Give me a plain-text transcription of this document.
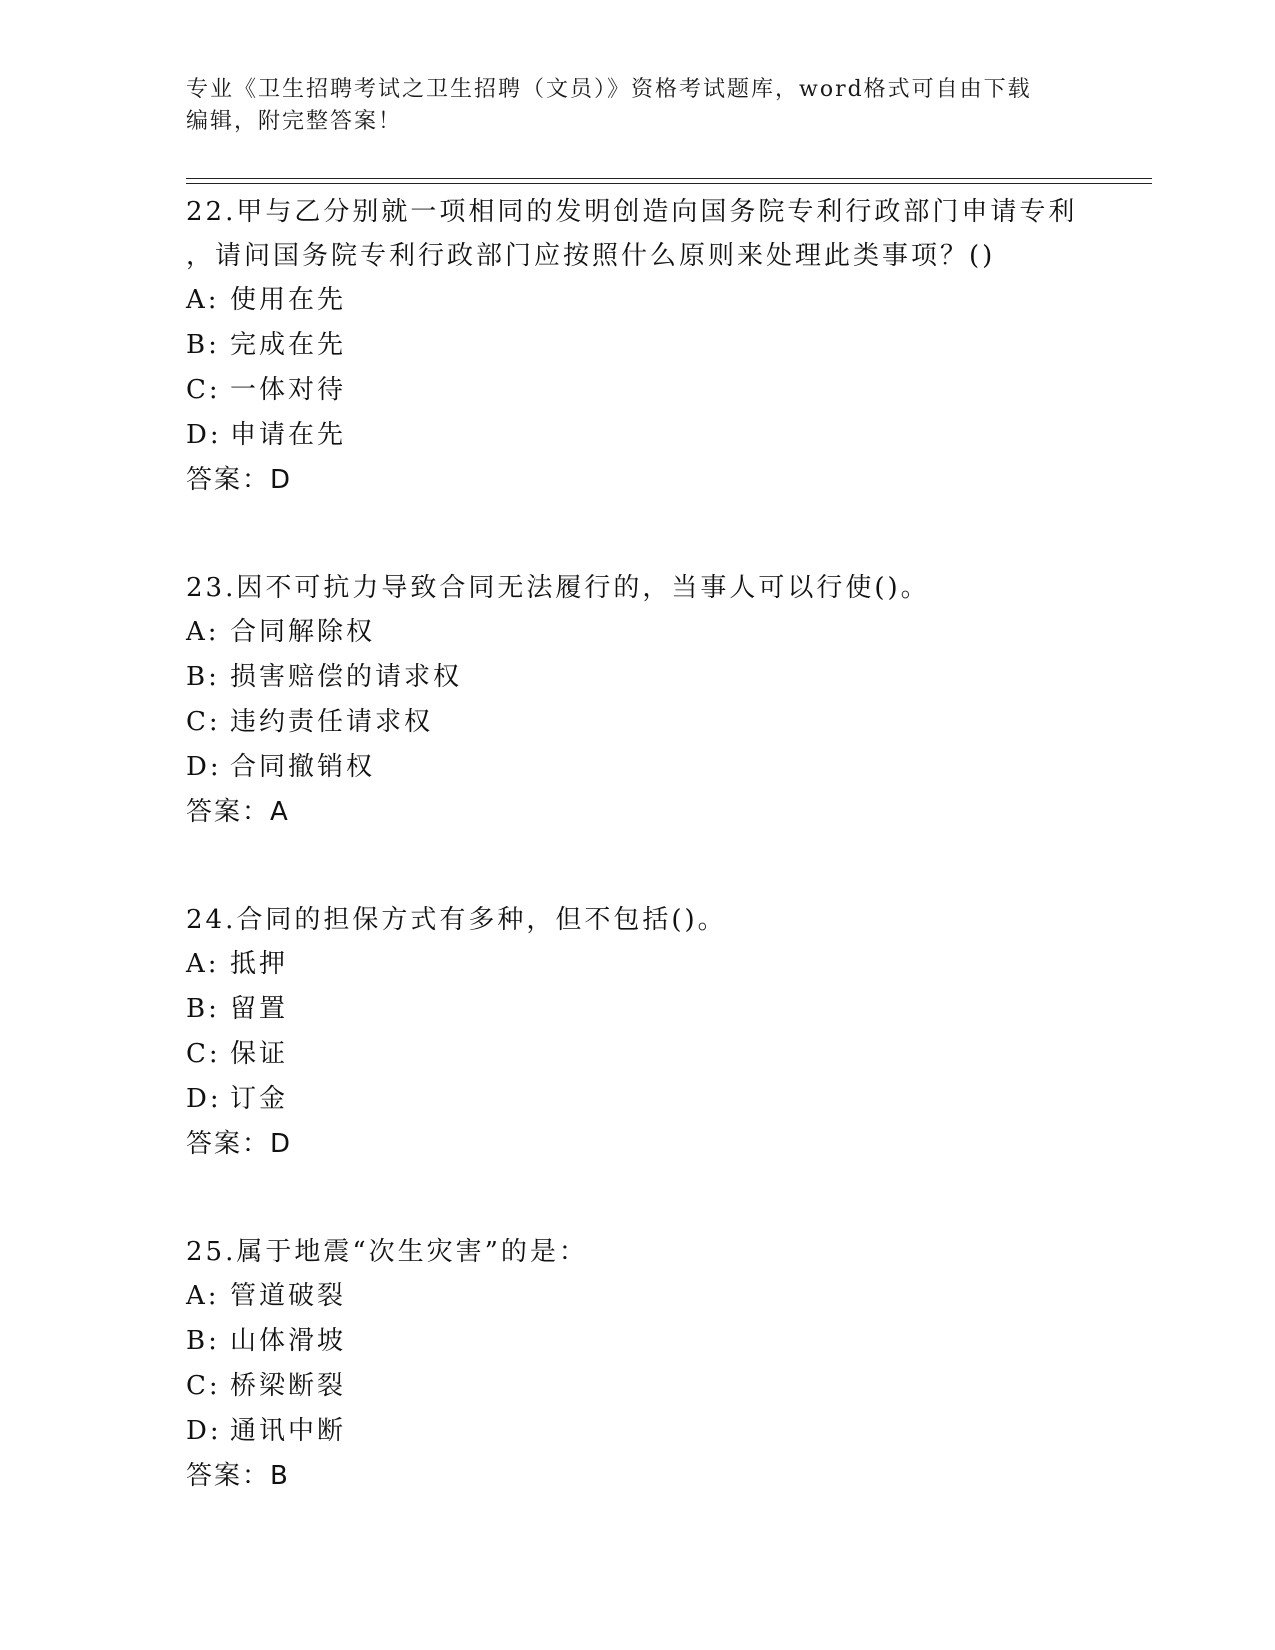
专业《卫生招聘考试之卫生招聘（文员）》资格考试题库，word格式可自由下载
编辑，附完整答案！

22.甲与乙分别就一项相同的发明创造向国务院专利行政部门申请专利

，请问国务院专利行政部门应按照什么原则来处理此类事项？()

A: 使用在先

B: 完成在先

C: 一体对待

D: 申请在先

答案：D

23.因不可抗力导致合同无法履行的，当事人可以行使()。

A: 合同解除权

B: 损害赔偿的请求权

C: 违约责任请求权

D: 合同撤销权

答案：A

24.合同的担保方式有多种，但不包括()。

A: 抵押

B: 留置

C: 保证

D: 订金

答案：D

25.属于地震“次生灾害”的是：

A: 管道破裂

B: 山体滑坡

C: 桥梁断裂

D: 通讯中断

答案：B
